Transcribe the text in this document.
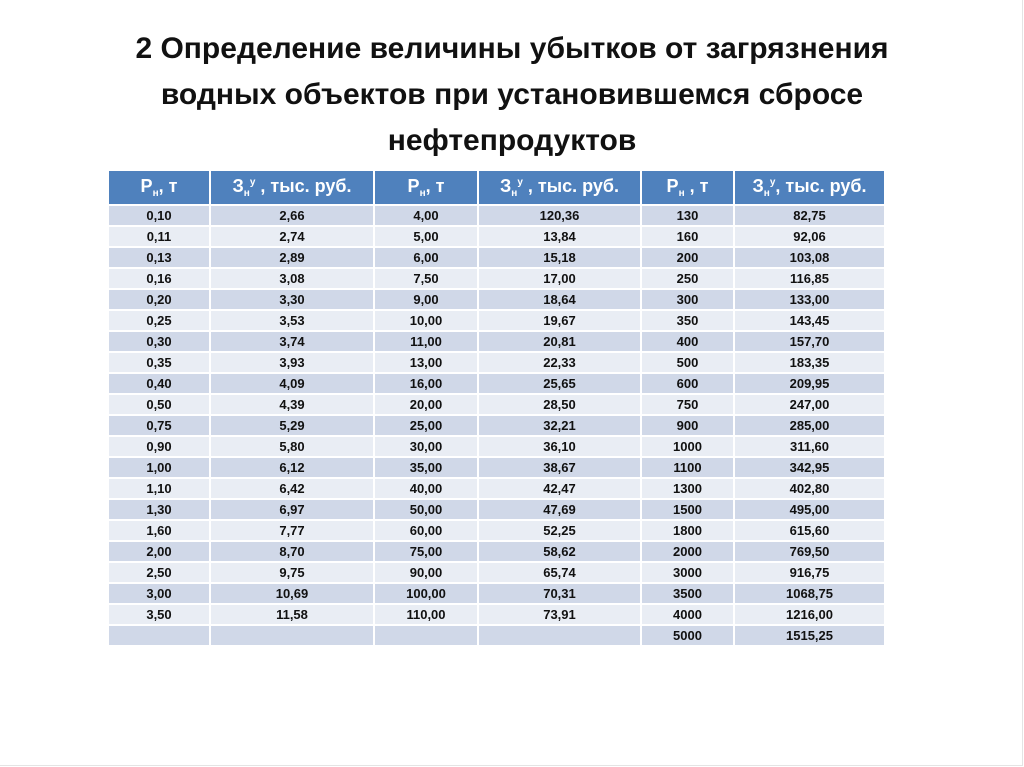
2 Определение величины убытков от загрязнения
водных объектов при установившемся сбросе
нефтепродуктов
$Р_н$, т	$З_н^у$ , тыс. руб.	$Р_н$, т	$З_н^у$ , тыс. руб.	$Р_н$ , т	$З_н^у$, тыс. руб.
0,10	2,66	4,00	120,36	130	82,75
0,11	2,74	5,00	13,84	160	92,06
0,13	2,89	6,00	15,18	200	103,08
0,16	3,08	7,50	17,00	250	116,85
0,20	3,30	9,00	18,64	300	133,00
0,25	3,53	10,00	19,67	350	143,45
0,30	3,74	11,00	20,81	400	157,70
0,35	3,93	13,00	22,33	500	183,35
0,40	4,09	16,00	25,65	600	209,95
0,50	4,39	20,00	28,50	750	247,00
0,75	5,29	25,00	32,21	900	285,00
0,90	5,80	30,00	36,10	1000	311,60
1,00	6,12	35,00	38,67	1100	342,95
1,10	6,42	40,00	42,47	1300	402,80
1,30	6,97	50,00	47,69	1500	495,00
1,60	7,77	60,00	52,25	1800	615,60
2,00	8,70	75,00	58,62	2000	769,50
2,50	9,75	90,00	65,74	3000	916,75
3,00	10,69	100,00	70,31	3500	1068,75
3,50	11,58	110,00	73,91	4000	1216,00
				5000	1515,25
